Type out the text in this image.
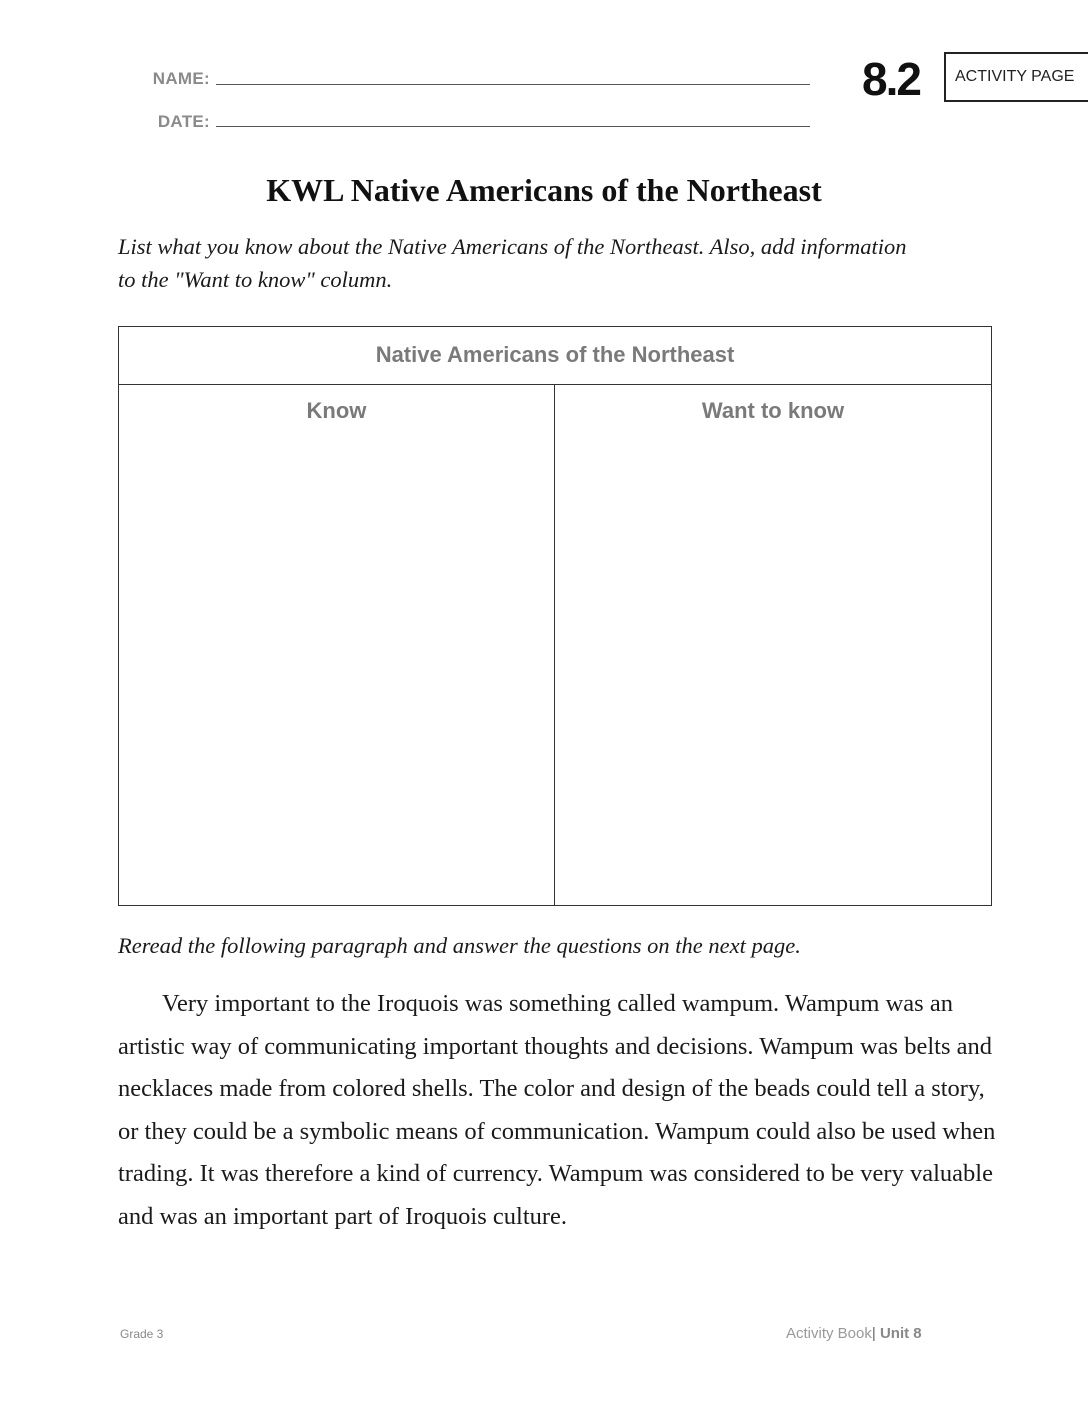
NAME:
DATE:
8.2	ACTIVITY PAGE
KWL Native Americans of the Northeast
List what you know about the Native Americans of the Northeast. Also, add information to the "Want to know" column.
Native Americans of the Northeast
Know	Want to know
Reread the following paragraph and answer the questions on the next page.

Very important to the Iroquois was something called wampum. Wampum was an artistic way of communicating important thoughts and decisions. Wampum was belts and necklaces made from colored shells. The color and design of the beads could tell a story, or they could be a symbolic means of communication. Wampum could also be used when trading. It was therefore a kind of currency. Wampum was considered to be very valuable and was an important part of Iroquois culture.

Grade 3	Activity Book| Unit 8
